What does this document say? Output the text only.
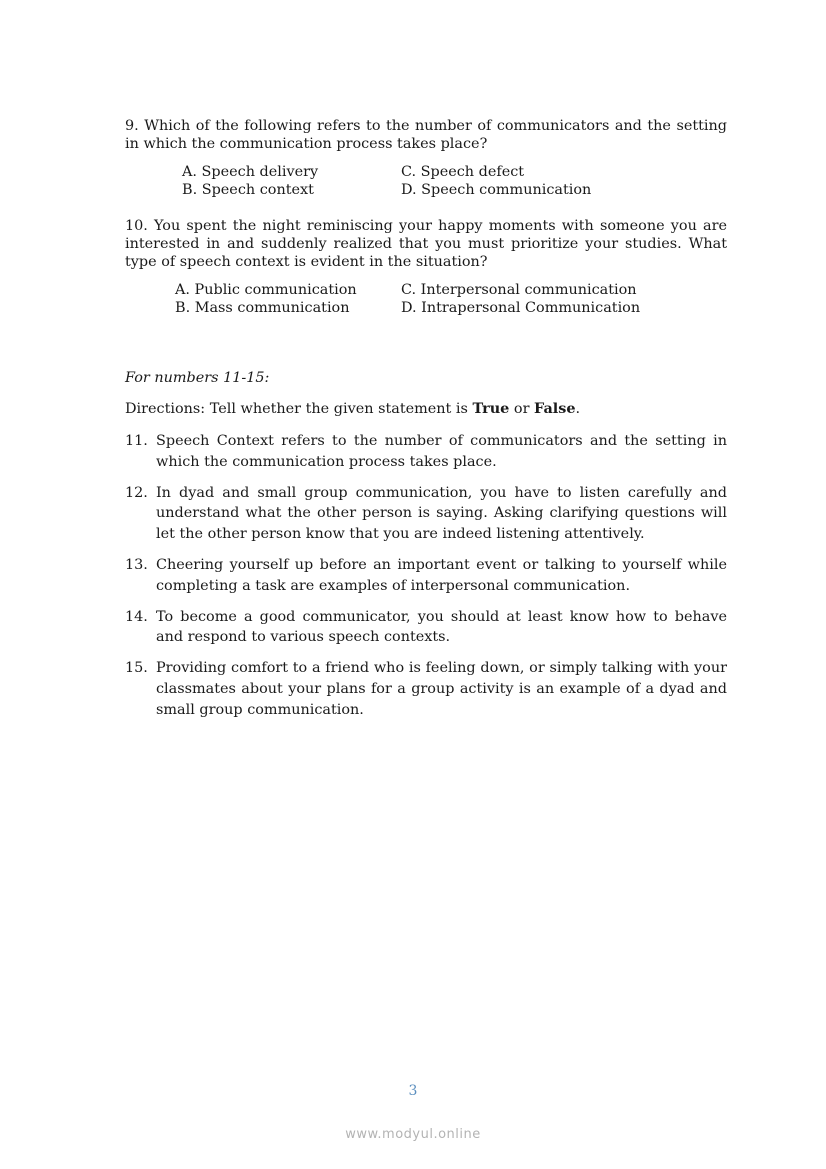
9. Which of the following refers to the number of communicators and the setting in which the communication process takes place?

A. Speech delivery	C. Speech defect
B. Speech context	D. Speech communication

10. You spent the night reminiscing your happy moments with someone you are interested in and suddenly realized that you must prioritize your studies. What type of speech context is evident in the situation?

A. Public communication	C. Interpersonal communication
B. Mass communication	D. Intrapersonal Communication

For numbers 11-15:

Directions: Tell whether the given statement is True or False.

11. Speech Context refers to the number of communicators and the setting in which the communication process takes place.
12. In dyad and small group communication, you have to listen carefully and understand what the other person is saying. Asking clarifying questions will let the other person know that you are indeed listening attentively.
13. Cheering yourself up before an important event or talking to yourself while completing a task are examples of interpersonal communication.
14. To become a good communicator, you should at least know how to behave and respond to various speech contexts.
15. Providing comfort to a friend who is feeling down, or simply talking with your classmates about your plans for a group activity is an example of a dyad and small group communication.
3
www.modyul.online
